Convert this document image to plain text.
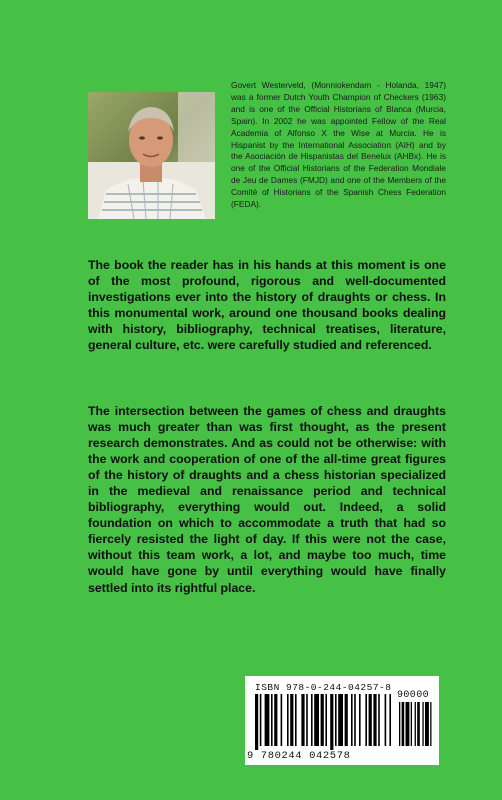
Govert Westerveld, (Monniokendam - Holanda, 1947) was a former Dutch Youth Champion of Checkers (1963) and is one of the Official Historians of Blanca (Murcia, Spain). In 2002 he was appointed Fellow of the Real Academia of Alfonso X the Wise at Murcia. He is Hispanist by the International Association (AIH) and by the Asociación de Hispanistas del Benelux (AHBx). He is one of the Official Historians of the Federation Mondiale de Jeu de Dames (FMJD) and one of the Members of the Comité of Historians of the Spanish Chess Federation (FEDA).
The book the reader has in his hands at this moment is one of the most profound, rigorous and well-documented investigations ever into the history of draughts or chess. In this monumental work, around one thousand books dealing with history, bibliography, technical treatises, literature, general culture, etc. were carefully studied and referenced.
The intersection between the games of chess and draughts was much greater than was first thought, as the present research demonstrates. And as could not be otherwise: with the work and cooperation of one of the all-time great figures of the history of draughts and a chess historian specialized in the medieval and renaissance period and technical bibliography, everything would out. Indeed, a solid foundation on which to accommodate a truth that had so fiercely resisted the light of day. If this were not the case, without this team work, a lot, and maybe too much, time would have gone by until everything would have finally settled into its rightful place.
ISBN 978-0-244-04257-8
90000
9 780244 042578
